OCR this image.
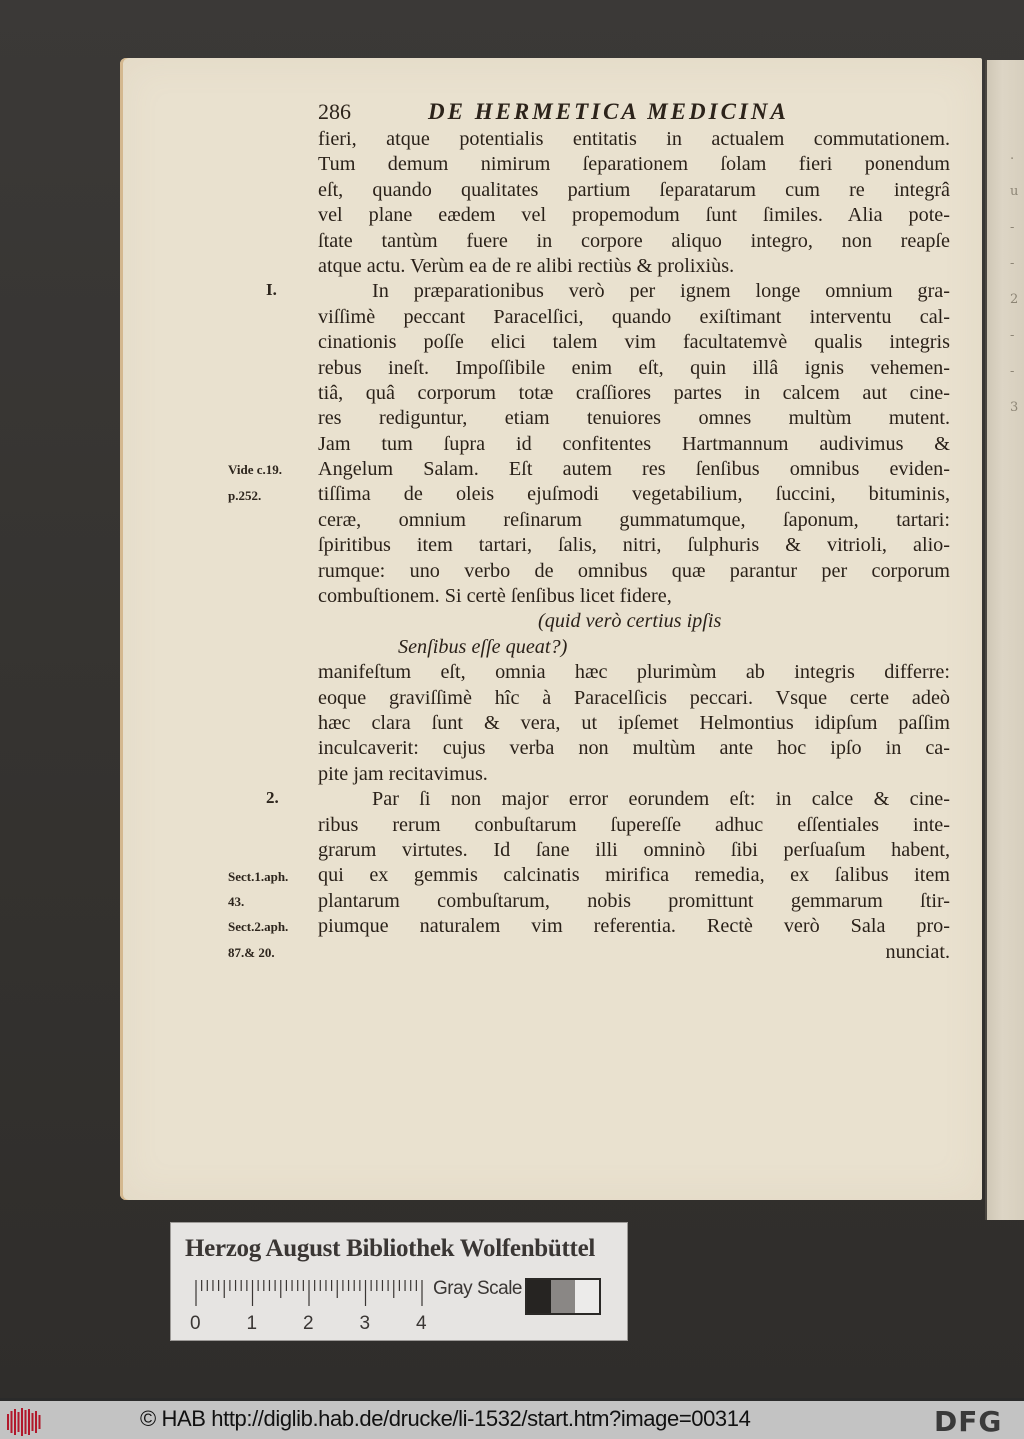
.
u
-
-
2
-
-
3
286	DE HERMETICA MEDICINA
fieri, atque potentialis entitatis in actualem commutationem.
Tum demum nimirum ſeparationem ſolam fieri ponendum
eſt, quando qualitates partium ſeparatarum cum re integrâ
vel plane eædem vel propemodum ſunt ſimiles. Alia pote-
ſtate tantùm fuere in corpore aliquo integro, non reapſe
atque actu. Verùm ea de re alibi rectiùs & prolixiùs.
In præparationibus verò per ignem longe omnium gra-
viſſimè peccant Paracelſici, quando exiſtimant interventu cal-
cinationis poſſe elici talem vim facultatemvè qualis integris
rebus ineſt. Impoſſibile enim eſt, quin illâ ignis vehemen-
tiâ, quâ corporum totæ craſſiores partes in calcem aut cine-
res rediguntur, etiam tenuiores omnes multùm mutent.
Jam tum ſupra id confitentes Hartmannum audivimus &
Angelum Salam. Eſt autem res ſenſibus omnibus eviden-
tiſſima de oleis ejuſmodi vegetabilium, ſuccini, bituminis,
ceræ, omnium reſinarum gummatumque, ſaponum, tartari:
ſpiritibus item tartari, ſalis, nitri, ſulphuris & vitrioli, alio-
rumque: uno verbo de omnibus quæ parantur per corporum
combuſtionem. Si certè ſenſibus licet fidere,
(quid verò certius ipſis
Senſibus eſſe queat?)
manifeſtum eſt, omnia hæc plurimùm ab integris differre:
eoque graviſſimè hîc à Paracelſicis peccari. Vsque certe adeò
hæc clara ſunt & vera, ut ipſemet Helmontius idipſum paſſim
inculcaverit: cujus verba non multùm ante hoc ipſo in ca-
pite jam recitavimus.
Par ſi non major error eorundem eſt: in calce & cine-
ribus rerum conbuſtarum ſupereſſe adhuc eſſentiales inte-
grarum virtutes. Id ſane illi omninò ſibi perſuaſum habent,
qui ex gemmis calcinatis mirifica remedia, ex ſalibus item
plantarum combuſtarum, nobis promittunt gemmarum ſtir-
piumque naturalem vim referentia. Rectè verò Sala pro-
nunciat.
I.
Vide c.19.
p.252.
2.
Sect.1.aph.
43.
Sect.2.aph.
87.& 20.
Herzog August Bibliothek Wolfenbüttel
0 1 2 3 4
Gray Scale
© HAB http://diglib.hab.de/drucke/li-1532/start.htm?image=00314	DFG
